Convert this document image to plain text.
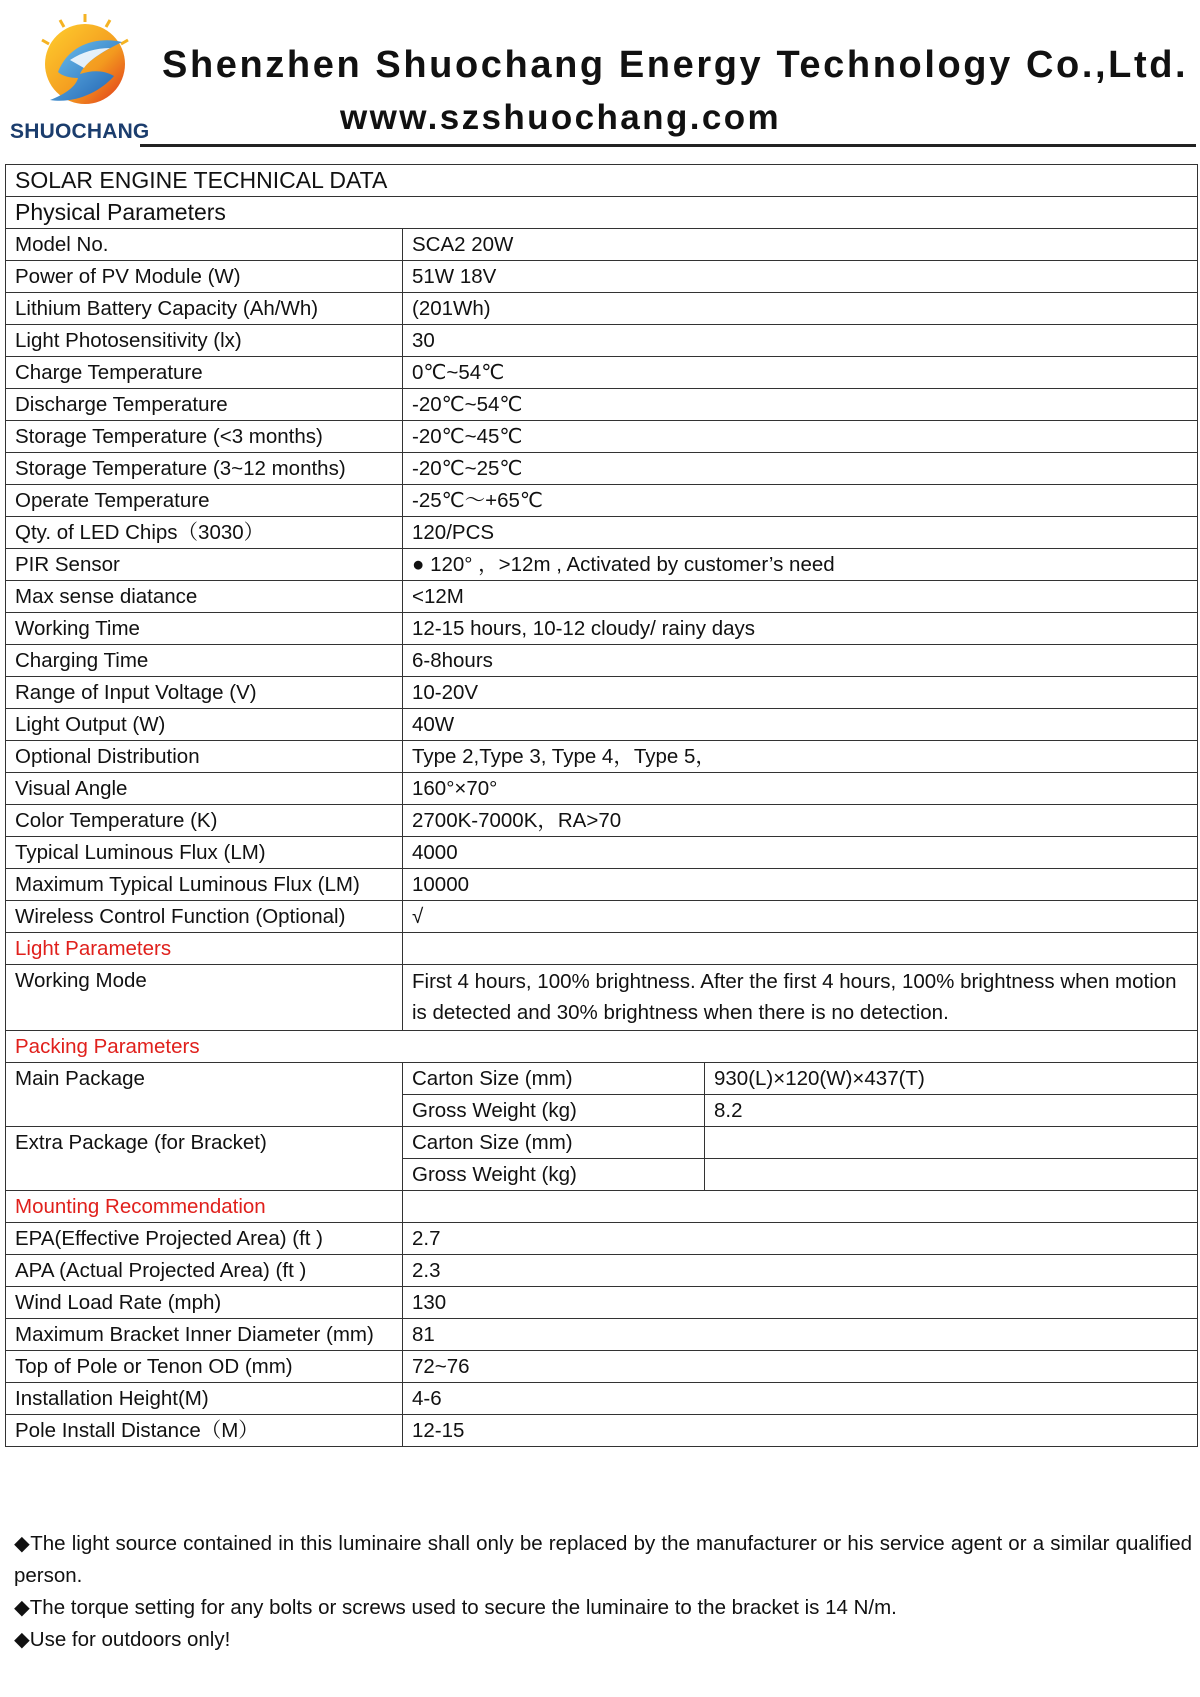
SHUOCHANG
Shenzhen Shuochang Energy Technology Co.,Ltd.
www.szshuochang.com
SOLAR ENGINE TECHNICAL DATA		
Physical Parameters		
Model No.	SCA2 20W	
Power of PV Module (W)	51W 18V	
Lithium Battery Capacity (Ah/Wh)	(201Wh)	
Light Photosensitivity (lx)	30	
Charge Temperature	0℃~54℃	
Discharge Temperature	-20℃~54℃	
Storage Temperature (<3 months)	-20℃~45℃	
Storage Temperature (3~12 months)	-20℃~25℃	
Operate Temperature	-25℃～+65℃	
Qty. of LED Chips（3030）	120/PCS	
PIR Sensor	● 120° ，>12m , Activated by customer’s need	
Max sense diatance	<12M	
Working Time	12-15 hours, 10-12 cloudy/ rainy days	
Charging Time	6-8hours	
Range of Input Voltage (V)	10-20V	
Light Output (W)	40W	
Optional Distribution	Type 2,Type 3, Type 4，Type 5，	
Visual Angle	160°×70°	
Color Temperature (K)	2700K-7000K，RA>70	
Typical Luminous Flux (LM)	4000	
Maximum Typical Luminous Flux (LM)	10000	
Wireless Control Function (Optional)	√	
Light Parameters		
Working Mode	First 4 hours, 100% brightness. After the first 4 hours, 100% brightness when motion is detected and 30% brightness when there is no detection.	
Packing Parameters		
Main Package	Carton Size (mm)	930(L)×120(W)×437(T)
	Gross Weight (kg)	8.2
Extra Package (for Bracket)	Carton Size (mm)	
	Gross Weight (kg)	
Mounting Recommendation		
EPA(Effective Projected Area) (ft )	2.7	
APA (Actual Projected Area) (ft )	2.3	
Wind Load Rate (mph)	130	
Maximum Bracket Inner Diameter (mm)	81	
Top of Pole or Tenon OD (mm)	72~76	
Installation Height(M)	4-6	
Pole Install Distance（M）	12-15	

◆The light source contained in this luminaire shall only be replaced by the manufacturer or his service agent or a similar qualified person.

◆The torque setting for any bolts or screws used to secure the luminaire to the bracket is 14 N/m.

◆Use for outdoors only!
